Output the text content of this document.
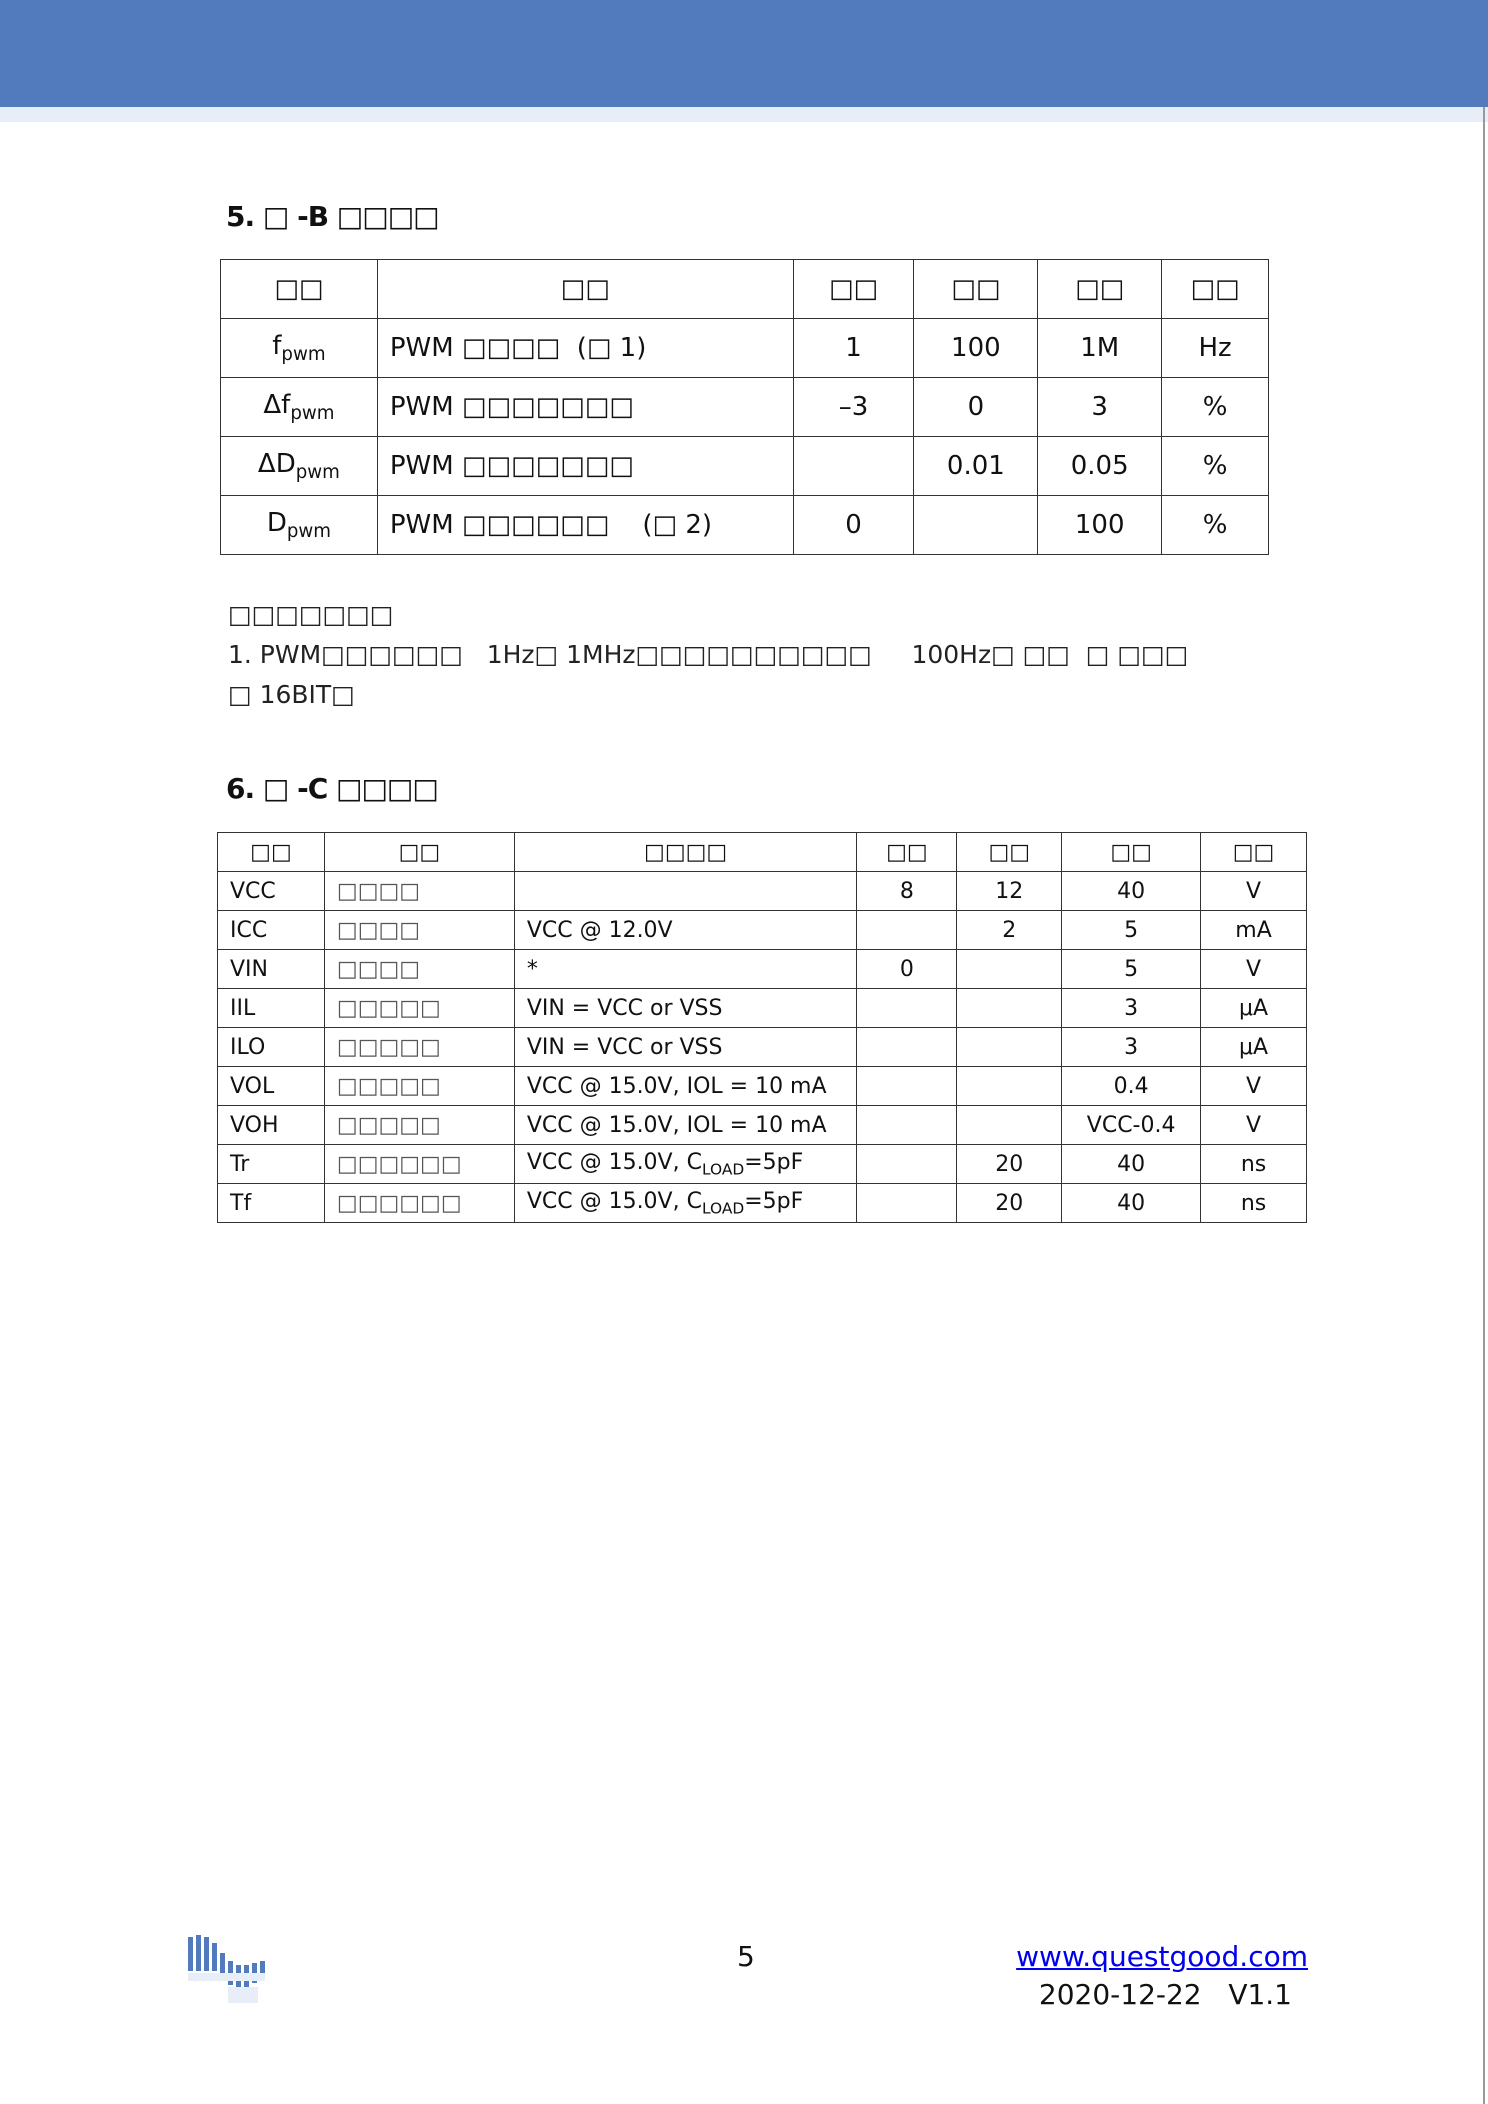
5. □ -B □□□□
□□	□□	□□	□□	□□	□□
$f_{pwm}$	PWM □□□□  (□ 1)	1	100	1M	Hz
$\Delta f_{pwm}$	PWM □□□□□□□	–3	0	3	%
$\Delta D_{pwm}$	PWM □□□□□□□		0.01	0.05	%
$D_{pwm}$	PWM □□□□□□    (□ 2)	0		100	%
□□□□□□□
1. PWM□□□□□□   1Hz□ 1MHz□□□□□□□□□□     100Hz□ □□  □ □□□
□ 16BIT□
6. □ -C □□□□
□□	□□	□□□□	□□	□□	□□	□□
VCC	□□□□		8	12	40	V
ICC	□□□□	VCC @ 12.0V		2	5	mA
VIN	□□□□	*	0		5	V
IIL	□□□□□	VIN = VCC or VSS			3	μA
ILO	□□□□□	VIN = VCC or VSS			3	μA
VOL	□□□□□	VCC @ 15.0V, IOL = 10 mA			0.4	V
VOH	□□□□□	VCC @ 15.0V, IOL = 10 mA			VCC-0.4	V
Tr	□□□□□□	VCC @ 15.0V, $C_{LOAD}=5pF$		20	40	ns
Tf	□□□□□□	VCC @ 15.0V, $C_{LOAD}=5pF$		20	40	ns
5	www.questgood.com
2020-12-22   V1.1
